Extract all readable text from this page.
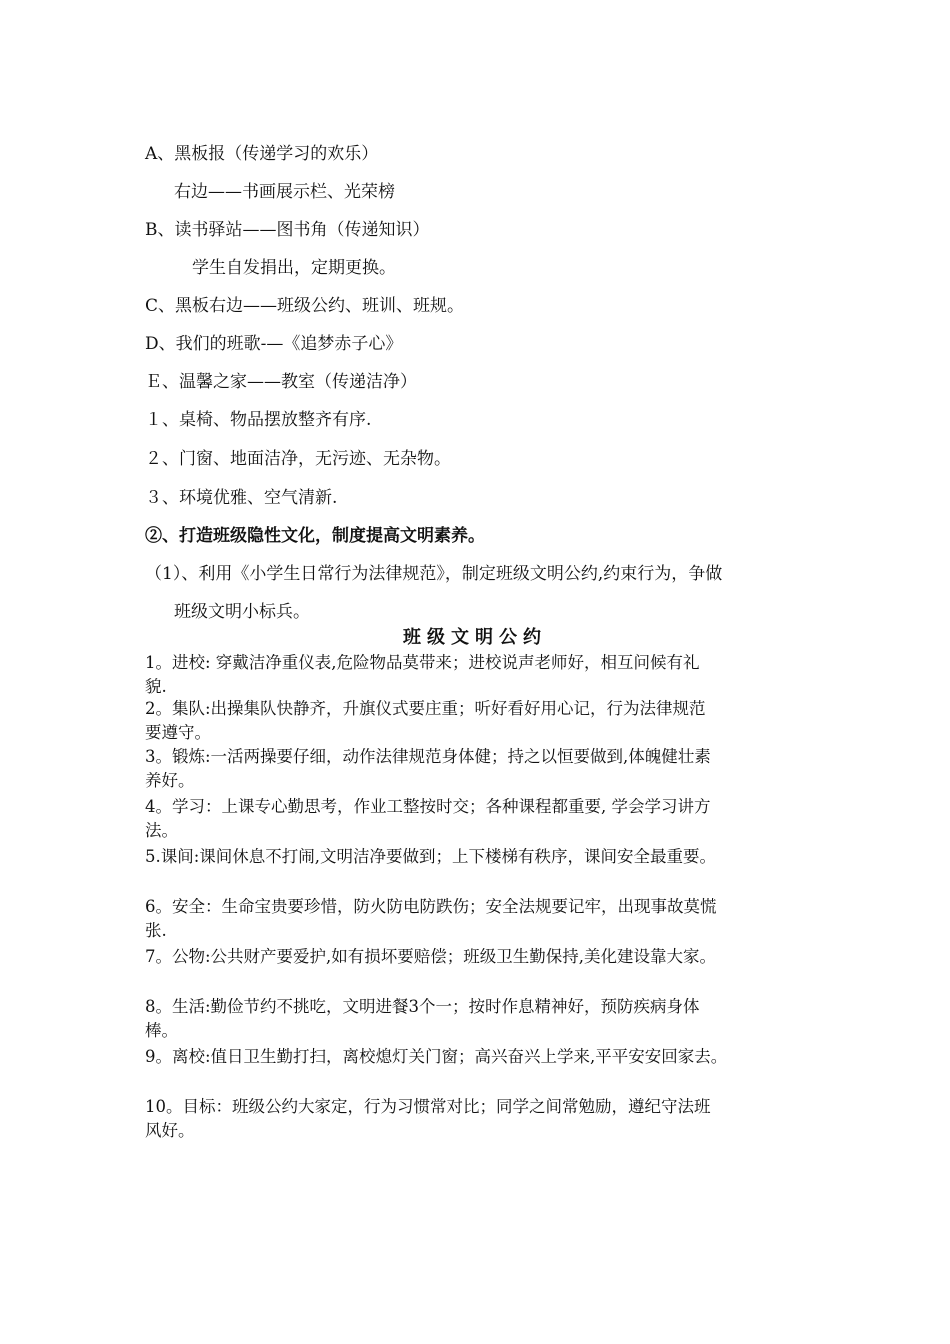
A、黑板报（传递学习的欢乐）
右边——书画展示栏、光荣榜
B、读书驿站——图书角（传递知识）
学生自发捐出，定期更换。
C、黑板右边——班级公约、班训、班规。
D、我们的班歌-—《追梦赤子心》
Ｅ、温馨之家——教室（传递洁净）
１、桌椅、物品摆放整齐有序.
２、门窗、地面洁净，无污迹、无杂物。
３、环境优雅、空气清新.
②、打造班级隐性文化，制度提高文明素养。
（1）、利用《小学生日常行为法律规范》，制定班级文明公约,约束行为，争做
班级文明小标兵。
班级文明公约
1。进校: 穿戴洁净重仪表,危险物品莫带来；进校说声老师好，相互问候有礼
貌.
2。集队:出操集队快静齐，升旗仪式要庄重；听好看好用心记，行为法律规范
要遵守。
3。锻炼:一活两操要仔细，动作法律规范身体健；持之以恒要做到,体魄健壮素
养好。
4。学习：上课专心勤思考，作业工整按时交；各种课程都重要, 学会学习讲方
法。
5.课间:课间休息不打闹,文明洁净要做到；上下楼梯有秩序，课间安全最重要。
6。安全：生命宝贵要珍惜，防火防电防跌伤；安全法规要记牢，出现事故莫慌
张.
7。公物:公共财产要爱护,如有损坏要赔偿；班级卫生勤保持,美化建设靠大家。
8。生活:勤俭节约不挑吃，文明进餐3个一；按时作息精神好，预防疾病身体
棒。
9。离校:值日卫生勤打扫，离校熄灯关门窗；高兴奋兴上学来,平平安安回家去。
10。目标：班级公约大家定，行为习惯常对比；同学之间常勉励，遵纪守法班
风好。
